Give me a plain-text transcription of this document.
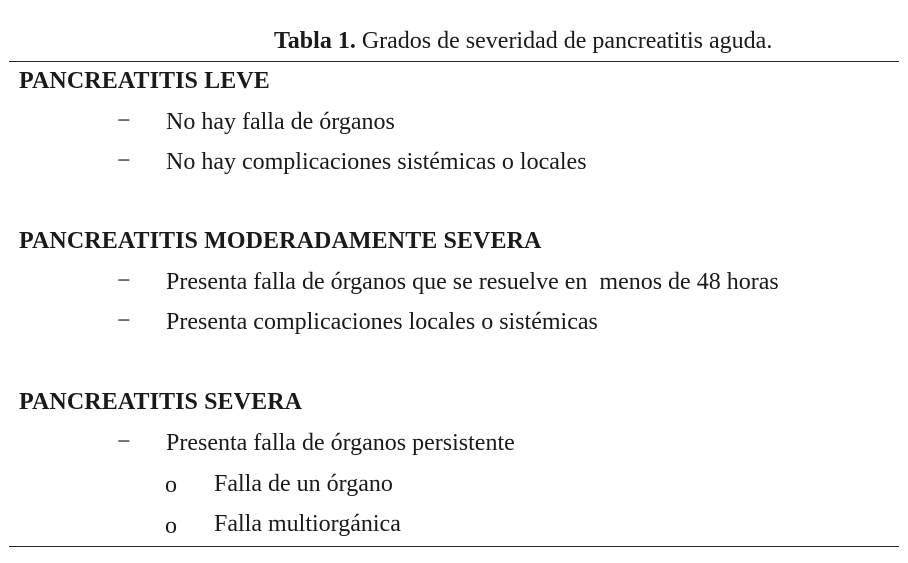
Tabla 1. Grados de severidad de pancreatitis aguda.
PANCREATITIS LEVE
− No hay falla de órganos
− No hay complicaciones sistémicas o locales
PANCREATITIS MODERADAMENTE SEVERA
− Presenta falla de órganos que se resuelve en  menos de 48 horas
− Presenta complicaciones locales o sistémicas
PANCREATITIS SEVERA
− Presenta falla de órganos persistente
o Falla de un órgano
o Falla multiorgánica
